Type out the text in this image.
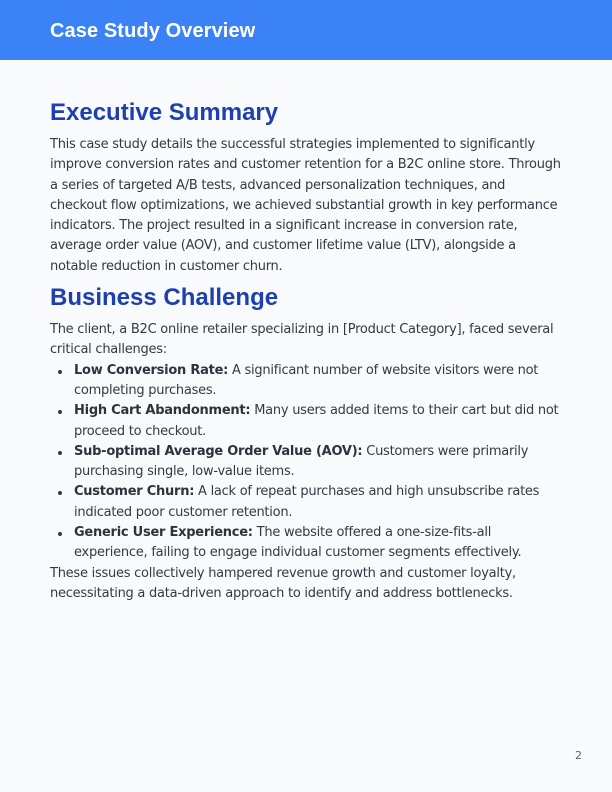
Case Study Overview
Executive Summary

This case study details the successful strategies implemented to significantly improve conversion rates and customer retention for a B2C online store. Through a series of targeted A/B tests, advanced personalization techniques, and checkout flow optimizations, we achieved substantial growth in key performance indicators. The project resulted in a significant increase in conversion rate, average order value (AOV), and customer lifetime value (LTV), alongside a notable reduction in customer churn.

Business Challenge

The client, a B2C online retailer specializing in [Product Category], faced several critical challenges:

Low Conversion Rate: A significant number of website visitors were not completing purchases.
High Cart Abandonment: Many users added items to their cart but did not proceed to checkout.
Sub-optimal Average Order Value (AOV): Customers were primarily purchasing single, low-value items.
Customer Churn: A lack of repeat purchases and high unsubscribe rates indicated poor customer retention.
Generic User Experience: The website offered a one-size-fits-all experience, failing to engage individual customer segments effectively.

These issues collectively hampered revenue growth and customer loyalty, necessitating a data-driven approach to identify and address bottlenecks.

2
